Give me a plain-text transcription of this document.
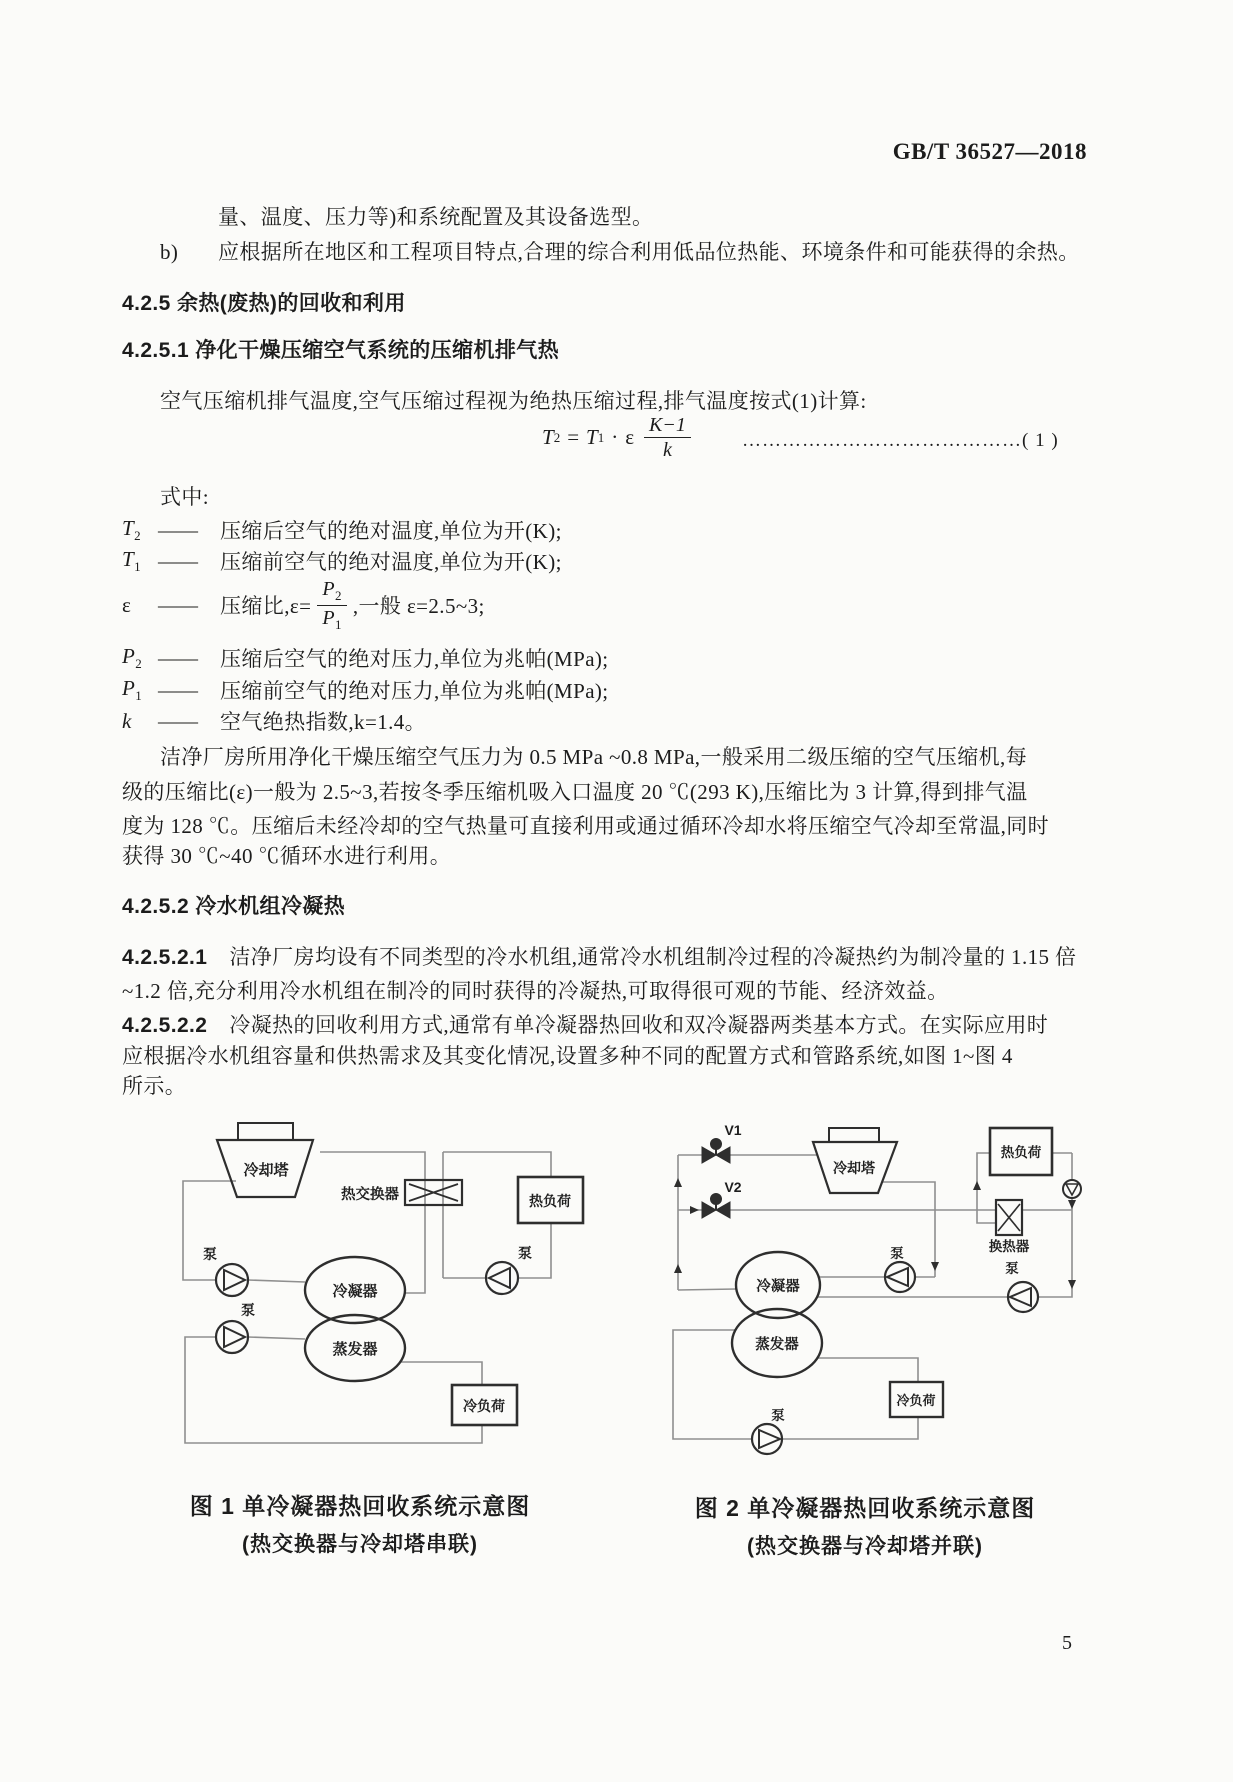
GB/T 36527—2018
量、温度、压力等)和系统配置及其设备选型。
b) 应根据所在地区和工程项目特点,合理的综合利用低品位热能、环境条件和可能获得的余热。
4.2.5 余热(废热)的回收和利用
4.2.5.1 净化干燥压缩空气系统的压缩机排气热
空气压缩机排气温度,空气压缩过程视为绝热压缩过程,排气温度按式(1)计算:
T 2 = T 1 · ε $\frac{K-1}{k}$	……………………………………( 1 )
式中:
$T_2$ ——	压缩后空气的绝对温度,单位为开(K);
$T_1$ ——	压缩前空气的绝对温度,单位为开(K);
ε	——	压缩比$,\varepsilon= \frac{P_2}{P_1}$ ,一般 ε=2.5~3;
$P_2$ ——	压缩后空气的绝对压力,单位为兆帕(MPa);
$P_1$ ——	压缩前空气的绝对压力,单位为兆帕(MPa);
k	——	空气绝热指数,k=1.4。
洁净厂房所用净化干燥压缩空气压力为 0.5 MPa ~0.8 MPa,一般采用二级压缩的空气压缩机,每
级的压缩比(ε)一般为 2.5~3,若按冬季压缩机吸入口温度 20 ℃(293 K),压缩比为 3 计算,得到排气温
度为 128 ℃。压缩后未经冷却的空气热量可直接利用或通过循环冷却水将压缩空气冷却至常温,同时
获得 30 ℃~40 ℃循环水进行利用。
4.2.5.2 冷水机组冷凝热
4.2.5.2.1 洁净厂房均设有不同类型的冷水机组,通常冷水机组制冷过程的冷凝热约为制冷量的 1.15 倍
~1.2 倍,充分利用冷水机组在制冷的同时获得的冷凝热,可取得很可观的节能、经济效益。
4.2.5.2.2 冷凝热的回收利用方式,通常有单冷凝器热回收和双冷凝器两类基本方式。在实际应用时
应根据冷水机组容量和供热需求及其变化情况,设置多种不同的配置方式和管路系统,如图 1~图 4
所示。
冷却塔
热交换器	热负荷
泵
泵
泵
冷凝器
蒸发器
冷负荷
V1
V2
冷却塔
热负荷
换热器
泵
泵
泵
冷凝器
蒸发器
冷负荷
图 1 单冷凝器热回收系统示意图
(热交换器与冷却塔串联)
图 2 单冷凝器热回收系统示意图
(热交换器与冷却塔并联)
5
